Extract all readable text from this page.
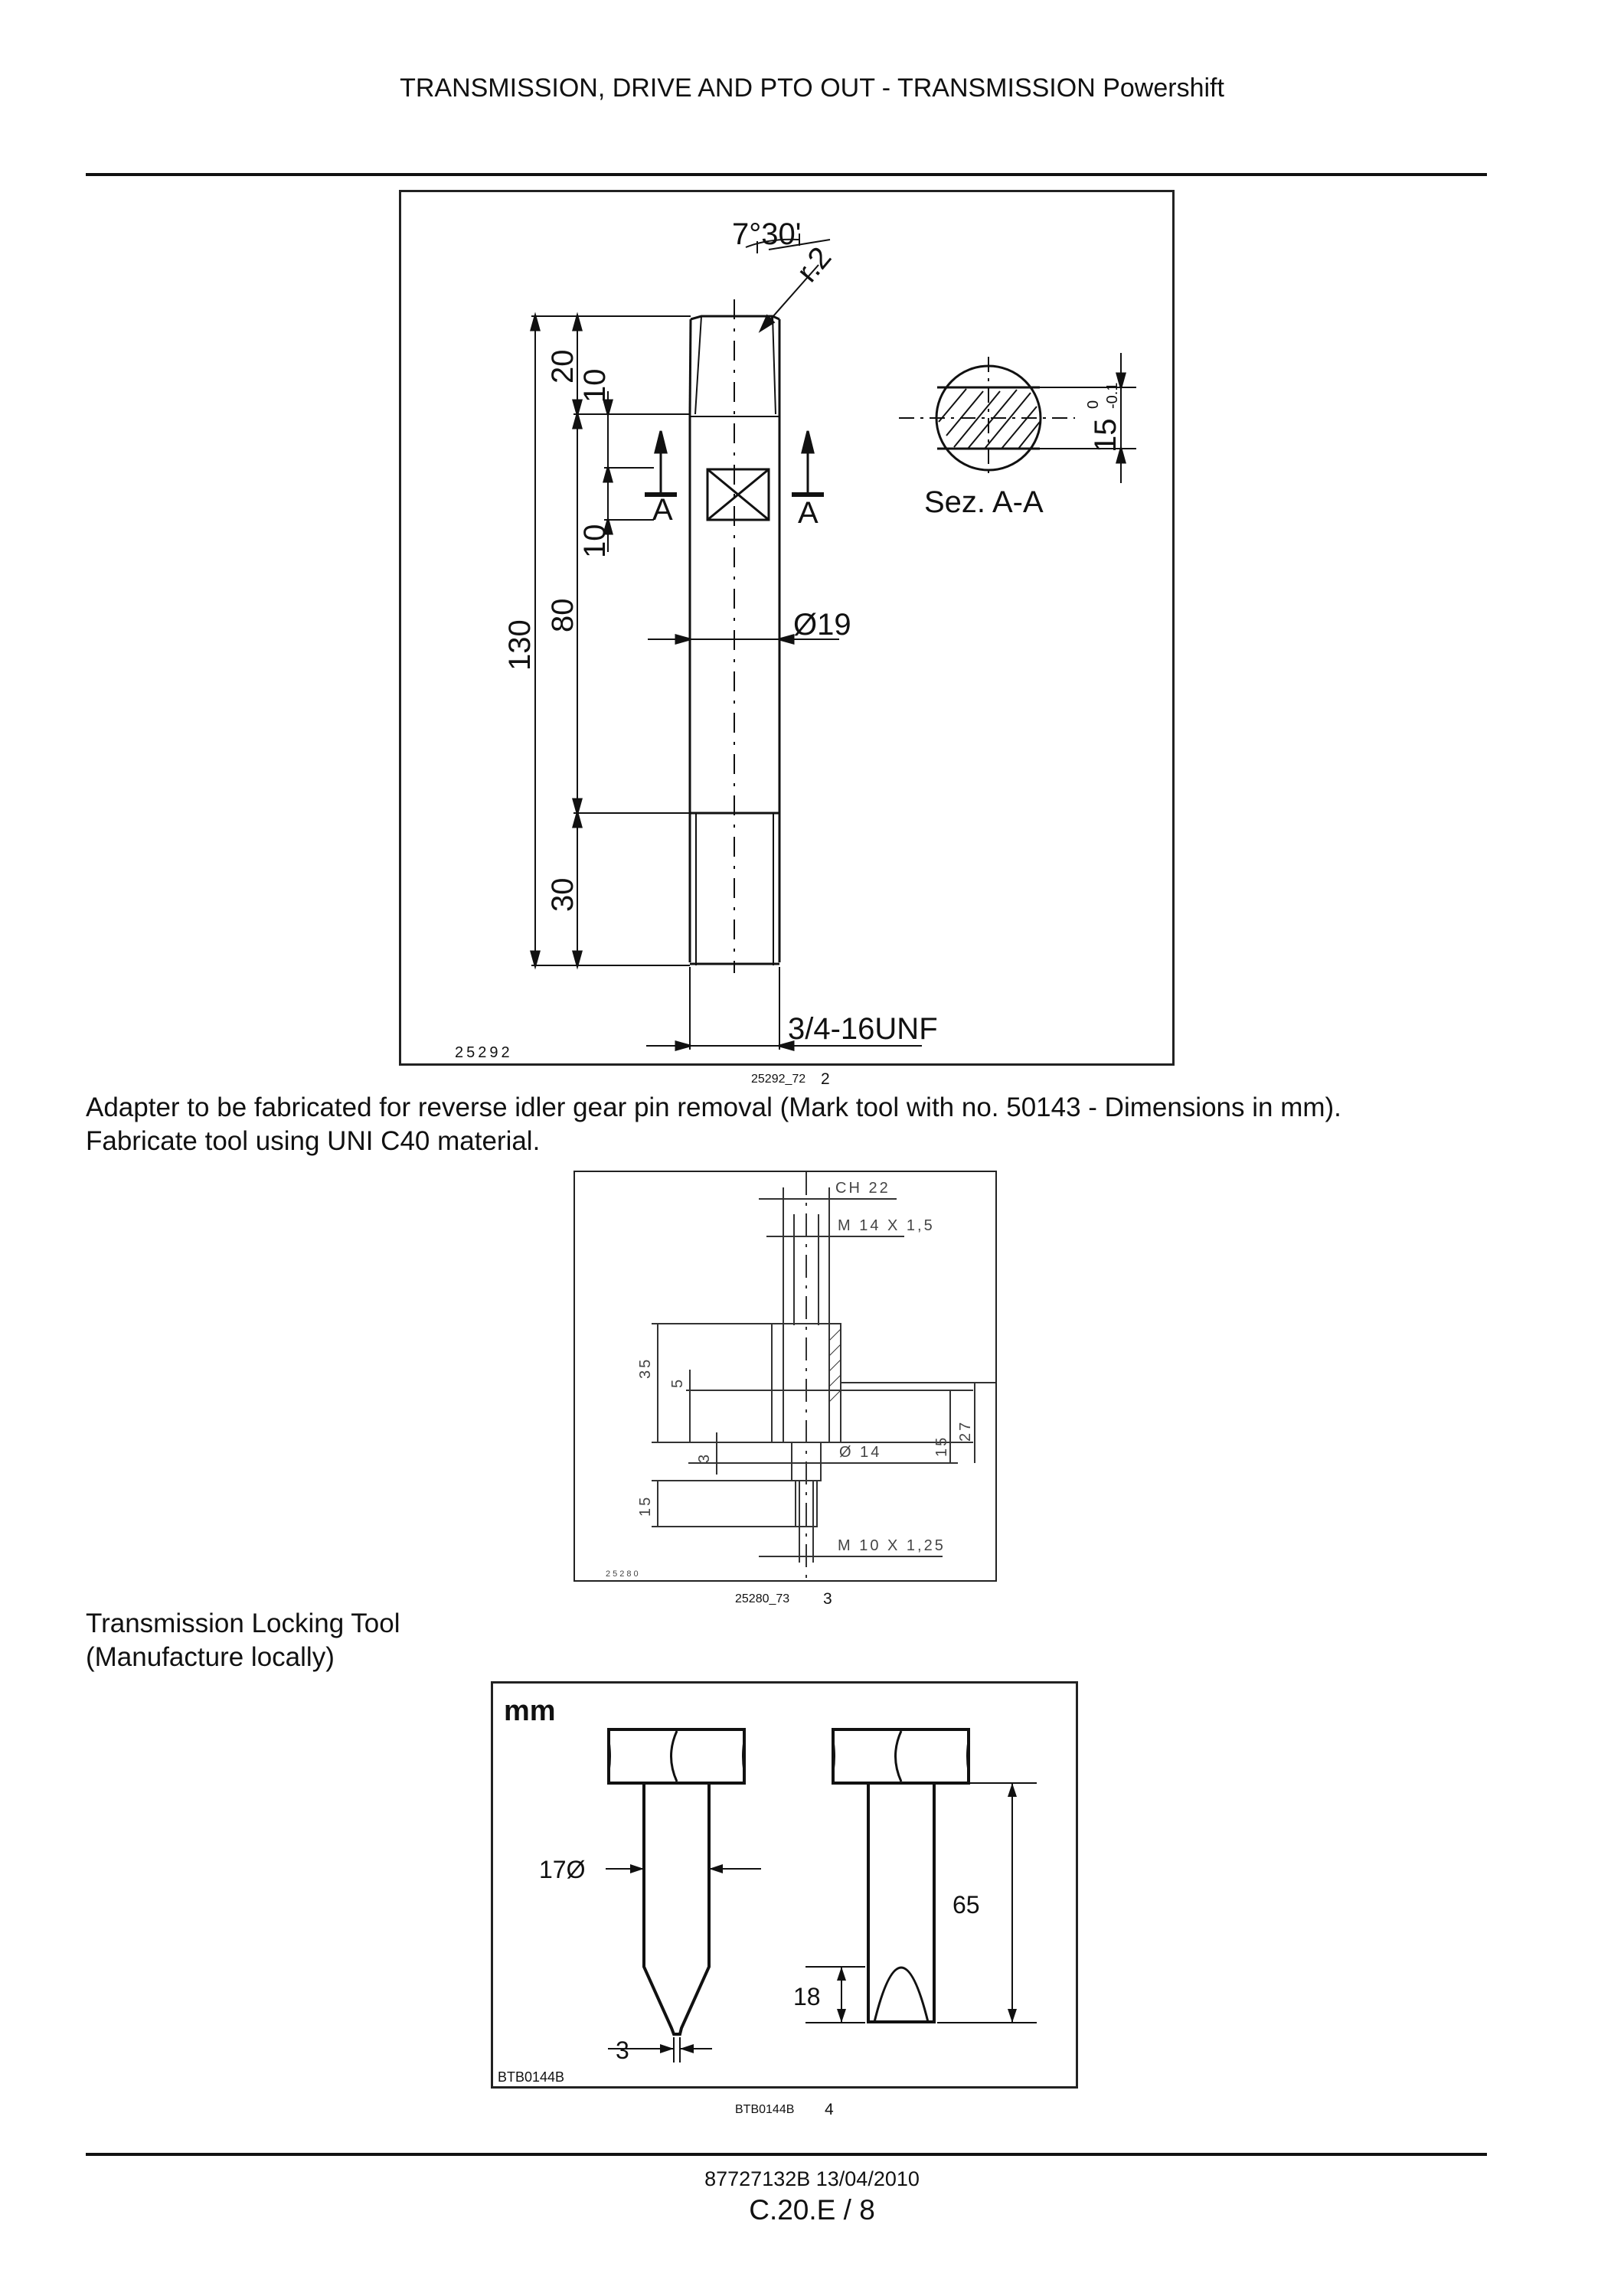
TRANSMISSION, DRIVE AND PTO OUT - TRANSMISSION Powershift
7°30'
r.2
20
10
10
130
80
30
A	A
Ø19
Sez. A-A
15
0 -0.1
3/4-16UNF
25292
25292_72 2
Adapter to be fabricated for reverse idler gear pin removal (Mark tool with no. 50143 - Dimensions in mm).
Fabricate tool using UNI C40 material.
CH 22
M 14 X 1,5
35
5
3
15
Ø 14	15
27
M 10 X 1,25
25280
25280_73 3
Transmission Locking Tool
(Manufacture locally)
mm
17Ø
3
18
65
BTB0144B
BTB0144B 4
87727132B 13/04/2010
C.20.E / 8
